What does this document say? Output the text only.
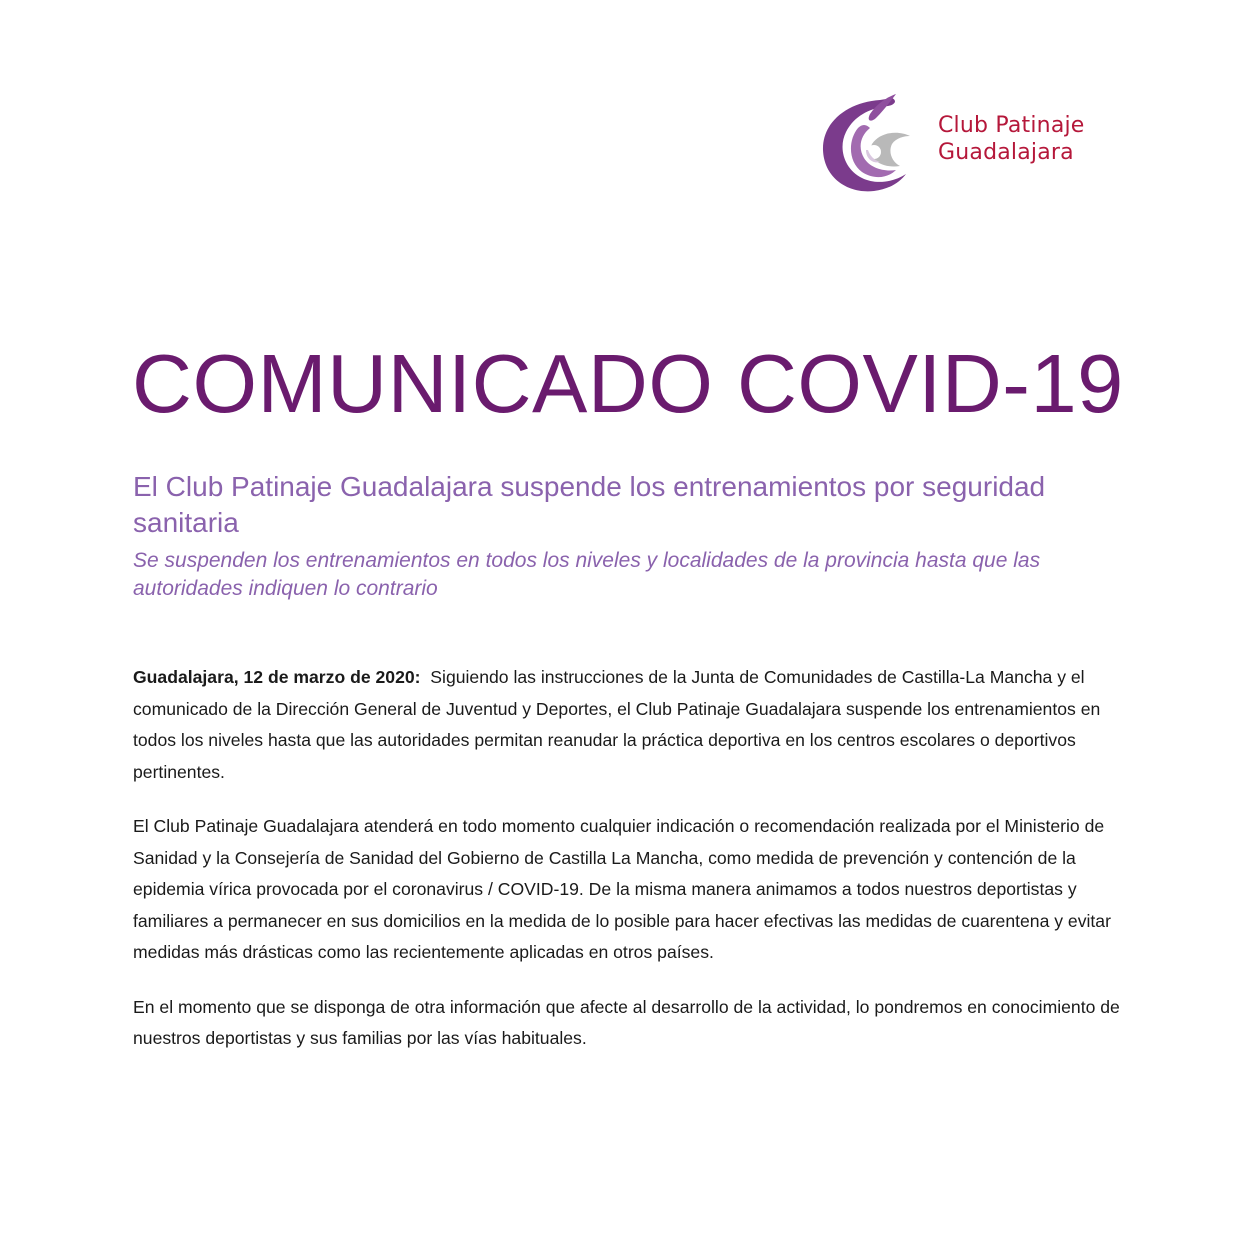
Club Patinaje
Guadalajara
COMUNICADO COVID-19
El Club Patinaje Guadalajara suspende los entrenamientos por seguridad sanitaria

Se suspenden los entrenamientos en todos los niveles y localidades de la provincia hasta que las autoridades indiquen lo contrario

Guadalajara, 12 de marzo de 2020: Siguiendo las instrucciones de la Junta de Comunidades de Castilla-La Mancha y el comunicado de la Dirección General de Juventud y Deportes, el Club Patinaje Guadalajara suspende los entrenamientos en todos los niveles hasta que las autoridades permitan reanudar la práctica deportiva en los centros escolares o deportivos pertinentes.

El Club Patinaje Guadalajara atenderá en todo momento cualquier indicación o recomendación realizada por el Ministerio de Sanidad y la Consejería de Sanidad del Gobierno de Castilla La Mancha, como medida de prevención y contención de la epidemia vírica provocada por el coronavirus / COVID-19. De la misma manera animamos a todos nuestros deportistas y familiares a permanecer en sus domicilios en la medida de lo posible para hacer efectivas las medidas de cuarentena y evitar medidas más drásticas como las recientemente aplicadas en otros países.

En el momento que se disponga de otra información que afecte al desarrollo de la actividad, lo pondremos en conocimiento de nuestros deportistas y sus familias por las vías habituales.
